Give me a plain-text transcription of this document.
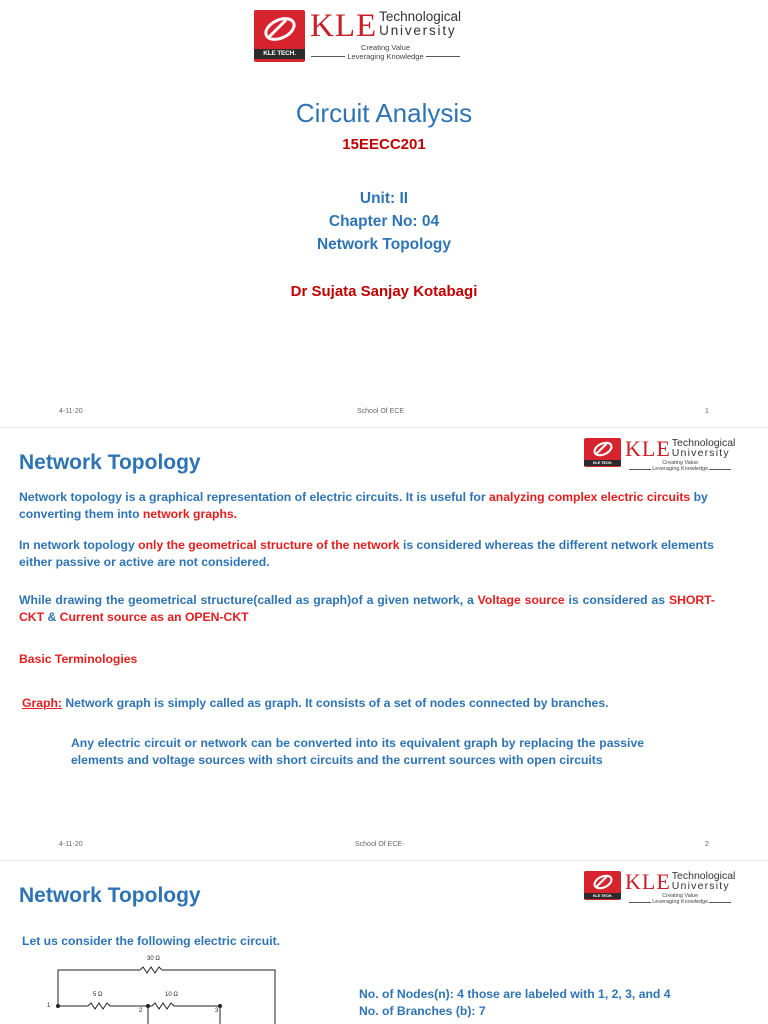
KLE TECH.
KLE Technological
University
Creating Value
Leveraging Knowledge
Circuit Analysis
15EECC201
Unit: II
Chapter No: 04
Network Topology
Dr Sujata Sanjay Kotabagi
4-11-20	School Of ECE	1
Network Topology	KLE TECH.
KLE Technological
University
Creating Value
Leveraging Knowledge
Network topology is a graphical representation of electric circuits. It is useful for analyzing complex electric circuits by converting them into network graphs.
In network topology only the geometrical structure of the network is considered whereas the different network elements either passive or active are not considered.
While drawing the geometrical structure(called as graph)of a given network, a Voltage source is considered as SHORT-CKT & Current source as an OPEN-CKT
Basic Terminologies
Graph: Network graph is simply called as graph. It consists of a set of nodes connected by branches.
Any electric circuit or network can be converted into its equivalent graph by replacing the passive elements and voltage sources with short circuits and the current sources with open circuits
4-11-20	School Of ECE-	2
Network Topology	KLE TECH.
KLE Technological
University
Creating Value
Leveraging Knowledge
Let us consider the following electric circuit.
30 Ω
5 Ω	10 Ω
1
2	3
No. of Nodes(n): 4 those are labeled with 1, 2, 3, and 4
No. of Branches (b): 7
